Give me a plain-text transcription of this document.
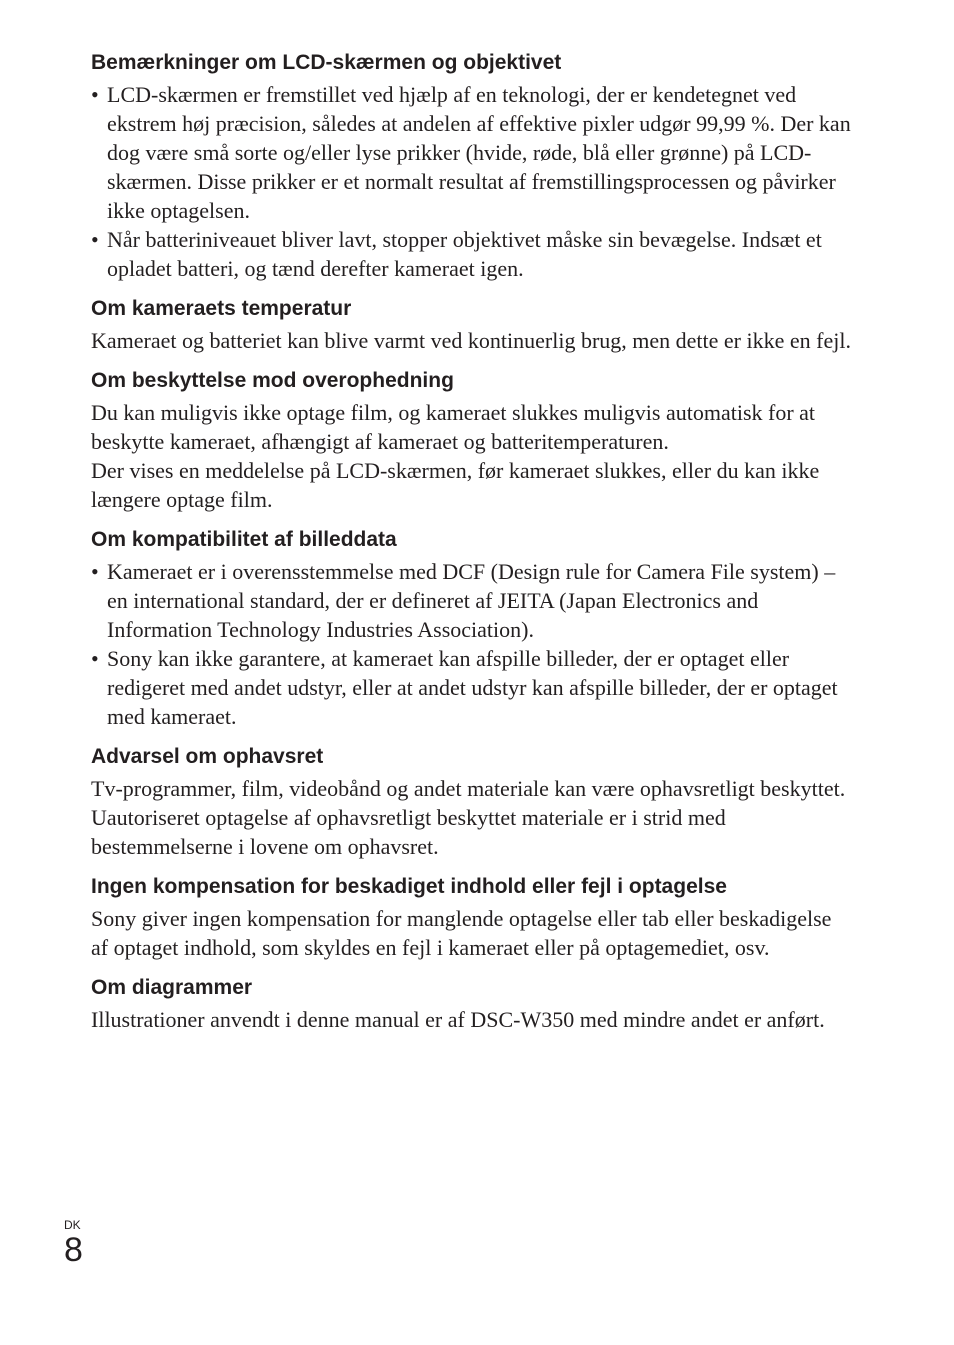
Bemærkninger om LCD-skærmen og objektivet
• LCD-skærmen er fremstillet ved hjælp af en teknologi, der er kendetegnet ved ekstrem høj præcision, således at andelen af effektive pixler udgør 99,99 %. Der kan dog være små sorte og/eller lyse prikker (hvide, røde, blå eller grønne) på LCD-skærmen. Disse prikker er et normalt resultat af fremstillingsprocessen og påvirker ikke optagelsen.
• Når batteriniveauet bliver lavt, stopper objektivet måske sin bevægelse. Indsæt et opladet batteri, og tænd derefter kameraet igen.
Om kameraets temperatur

Kameraet og batteriet kan blive varmt ved kontinuerlig brug, men dette er ikke en fejl.

Om beskyttelse mod overophedning

Du kan muligvis ikke optage film, og kameraet slukkes muligvis automatisk for at beskytte kameraet, afhængigt af kameraet og batteritemperaturen.

Der vises en meddelelse på LCD-skærmen, før kameraet slukkes, eller du kan ikke længere optage film.

Om kompatibilitet af billeddata
• Kameraet er i overensstemmelse med DCF (Design rule for Camera File system) – en international standard, der er defineret af JEITA (Japan Electronics and Information Technology Industries Association).
• Sony kan ikke garantere, at kameraet kan afspille billeder, der er optaget eller redigeret med andet udstyr, eller at andet udstyr kan afspille billeder, der er optaget med kameraet.
Advarsel om ophavsret

Tv-programmer, film, videobånd og andet materiale kan være ophavsretligt beskyttet. Uautoriseret optagelse af ophavsretligt beskyttet materiale er i strid med bestemmelserne i lovene om ophavsret.

Ingen kompensation for beskadiget indhold eller fejl i optagelse

Sony giver ingen kompensation for manglende optagelse eller tab eller beskadigelse af optaget indhold, som skyldes en fejl i kameraet eller på optagemediet, osv.

Om diagrammer

Illustrationer anvendt i denne manual er af DSC-W350 med mindre andet er anført.

DK
8
